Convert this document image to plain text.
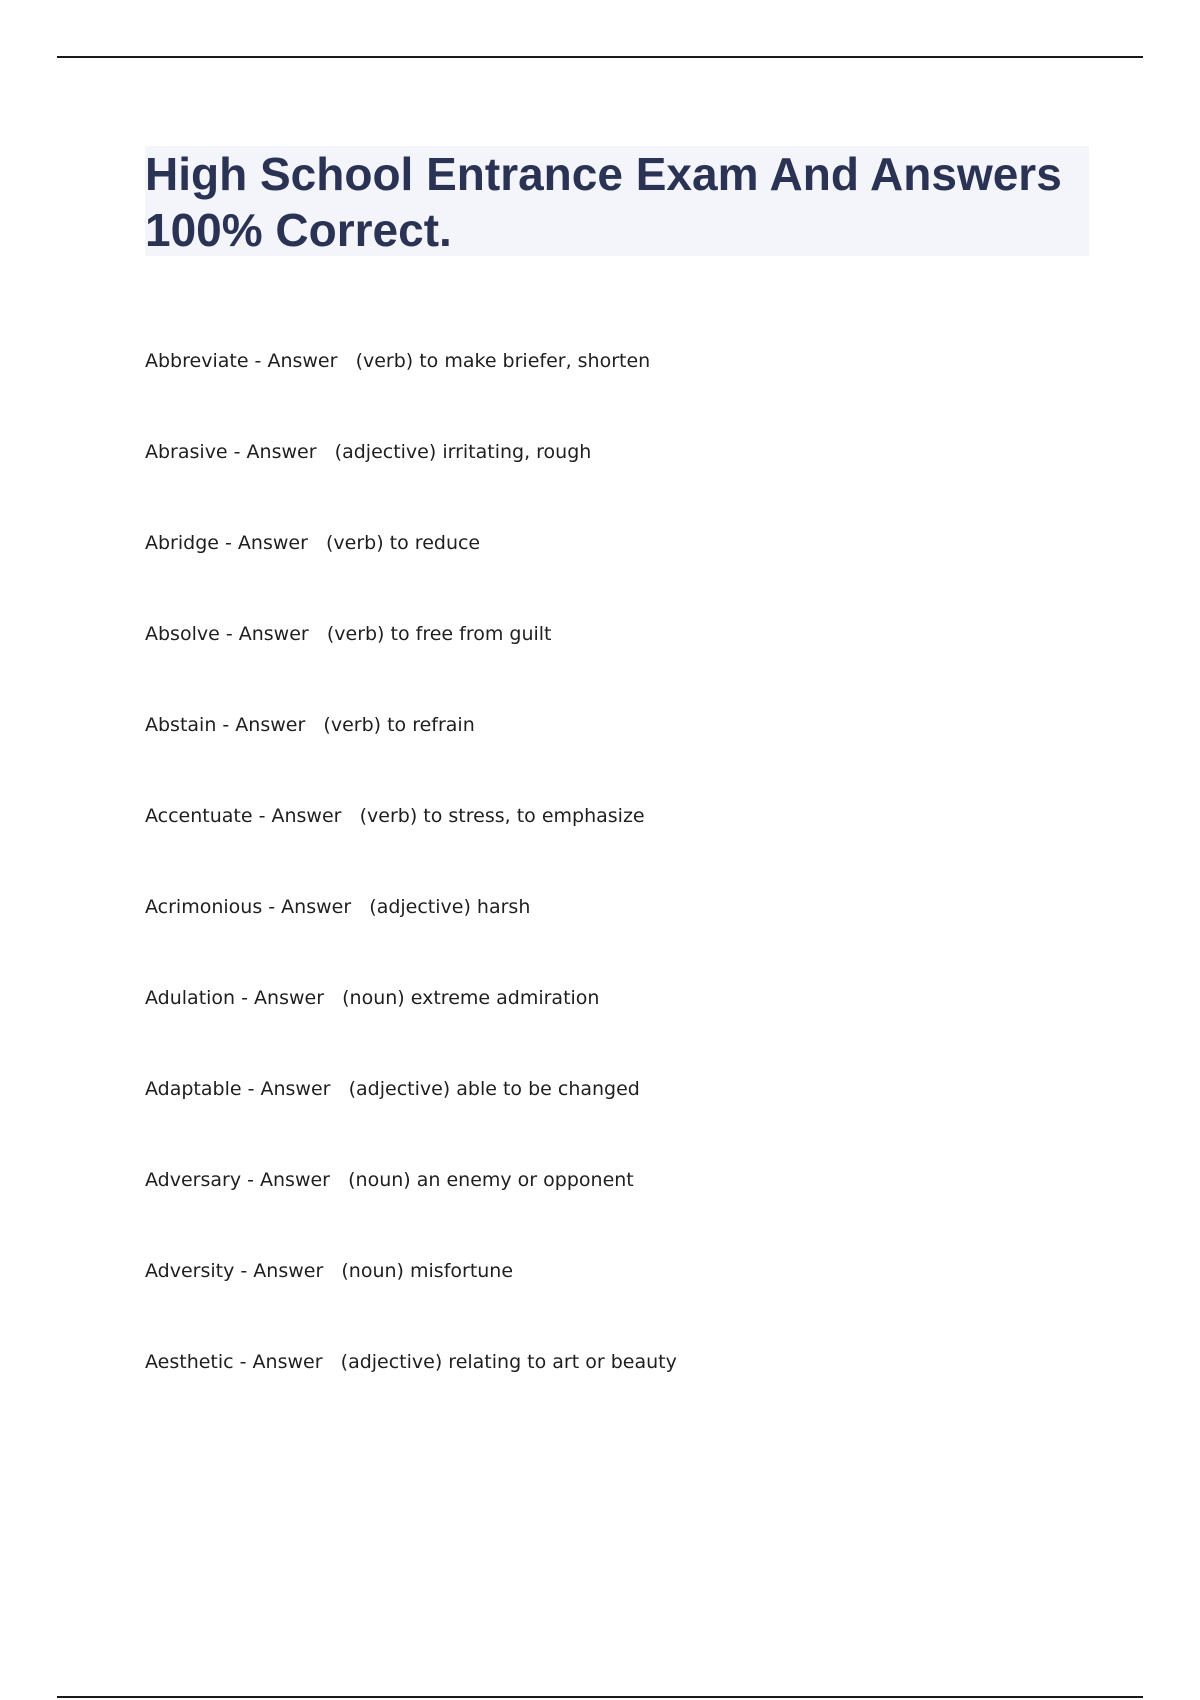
High School Entrance Exam And Answers 100% Correct.
Abbreviate - Answer   (verb) to make briefer, shorten
Abrasive - Answer   (adjective) irritating, rough
Abridge - Answer   (verb) to reduce
Absolve - Answer   (verb) to free from guilt
Abstain - Answer   (verb) to refrain
Accentuate - Answer   (verb) to stress, to emphasize
Acrimonious - Answer   (adjective) harsh
Adulation - Answer   (noun) extreme admiration
Adaptable - Answer   (adjective) able to be changed
Adversary - Answer   (noun) an enemy or opponent
Adversity - Answer   (noun) misfortune
Aesthetic - Answer   (adjective) relating to art or beauty
